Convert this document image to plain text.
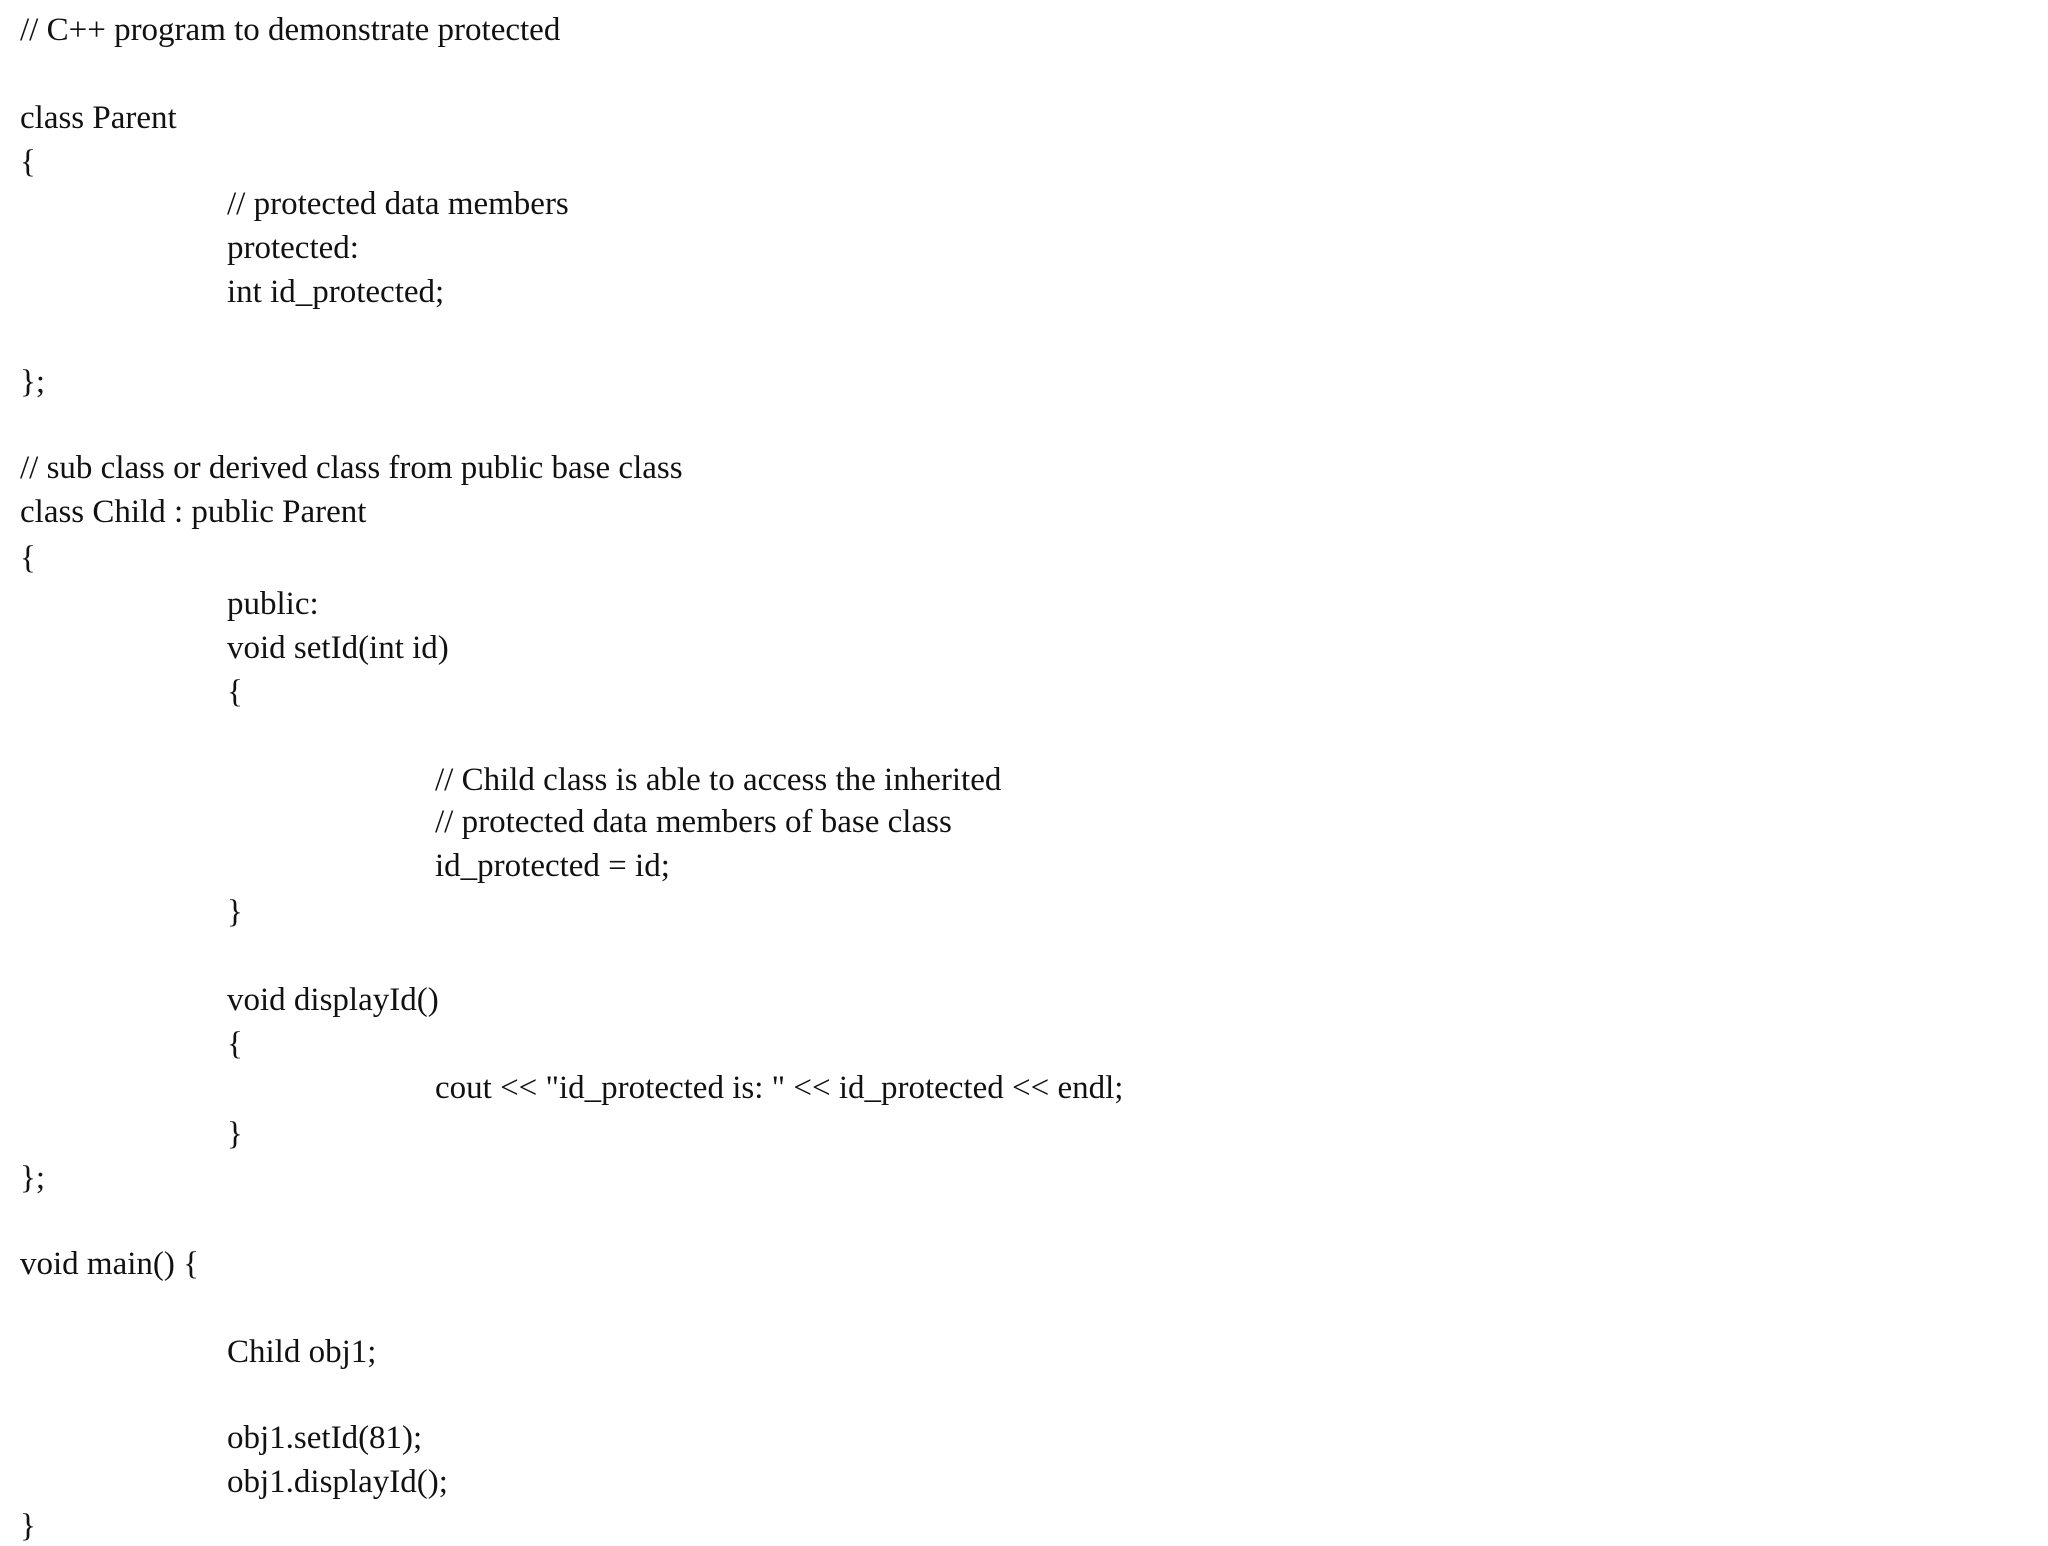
// C++ program to demonstrate protected
class Parent
{
// protected data members
protected:
int id_protected;
};
// sub class or derived class from public base class
class Child : public Parent
{
public:
void setId(int id)
{
// Child class is able to access the inherited
// protected data members of base class
id_protected = id;
}
void displayId()
{
cout << "id_protected is: " << id_protected << endl;
}
};
void main() {
Child obj1;
obj1.setId(81);
obj1.displayId();
}
